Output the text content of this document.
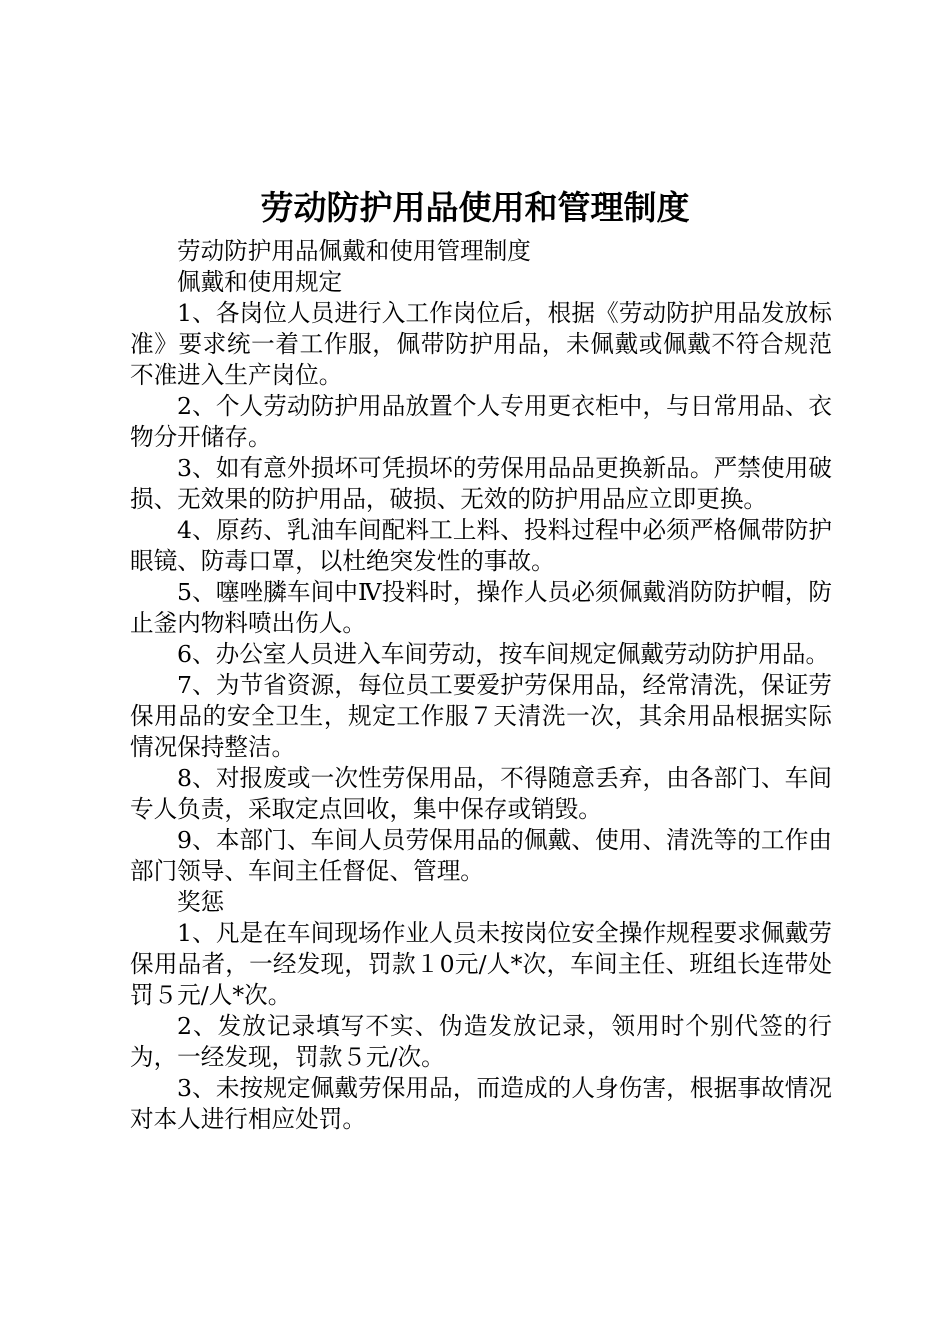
劳动防护用品使用和管理制度

劳动防护用品佩戴和使用管理制度

佩戴和使用规定

1、各岗位人员进行入工作岗位后，根据《劳动防护用品发放标准》要求统一着工作服，佩带防护用品，未佩戴或佩戴不符合规范不准进入生产岗位。

2、个人劳动防护用品放置个人专用更衣柜中，与日常用品、衣物分开储存。

3、如有意外损坏可凭损坏的劳保用品品更换新品。严禁使用破损、无效果的防护用品，破损、无效的防护用品应立即更换。

4、原药、乳油车间配料工上料、投料过程中必须严格佩带防护眼镜、防毒口罩，以杜绝突发性的事故。

5、噻唑膦车间中Ⅳ投料时，操作人员必须佩戴消防防护帽，防止釜内物料喷出伤人。

6、办公室人员进入车间劳动，按车间规定佩戴劳动防护用品。

7、为节省资源，每位员工要爱护劳保用品，经常清洗，保证劳保用品的安全卫生，规定工作服７天清洗一次，其余用品根据实际情况保持整洁。

8、对报废或一次性劳保用品，不得随意丢弃，由各部门、车间专人负责，采取定点回收，集中保存或销毁。

9、本部门、车间人员劳保用品的佩戴、使用、清洗等的工作由部门领导、车间主任督促、管理。

奖惩

1、凡是在车间现场作业人员未按岗位安全操作规程要求佩戴劳保用品者，一经发现，罚款１0元/人*次，车间主任、班组长连带处罚５元/人*次。

2、发放记录填写不实、伪造发放记录，领用时个别代签的行为，一经发现，罚款５元/次。

3、未按规定佩戴劳保用品，而造成的人身伤害，根据事故情况对本人进行相应处罚。
